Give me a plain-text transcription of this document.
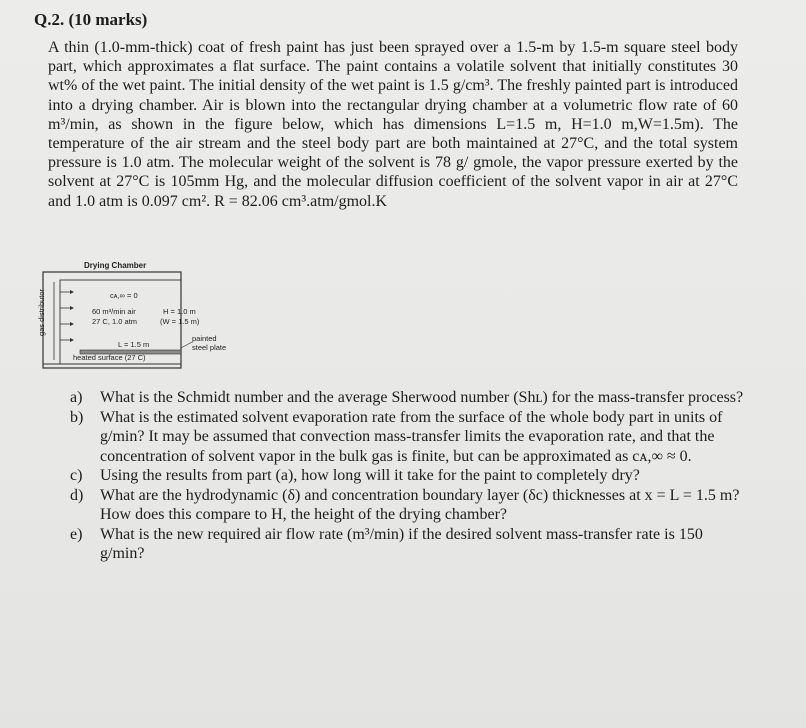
Q.2. (10 marks)
A thin (1.0-mm-thick) coat of fresh paint has just been sprayed over a 1.5-m by 1.5-m square steel body part, which approximates a flat surface. The paint contains a volatile solvent that initially constitutes 30 wt% of the wet paint. The initial density of the wet paint is 1.5 g/cm³. The freshly painted part is introduced into a drying chamber. Air is blown into the rectangular drying chamber at a volumetric flow rate of 60 m³/min, as shown in the figure below, which has dimensions L=1.5 m, H=1.0 m,W=1.5m). The temperature of the air stream and the steel body part are both maintained at 27°C, and the total system pressure is 1.0 atm. The molecular weight of the solvent is 78 g/ gmole, the vapor pressure exerted by the solvent at 27°C is 105mm Hg, and the molecular diffusion coefficient of the solvent vapor in air at 27°C and 1.0 atm is 0.097 cm². R = 82.06 cm³.atm/gmol.K
Drying Chamber
gas distributor	cᴀ,∞ = 0
60 m³/min air
27 C, 1.0 atm
H = 1.0 m
(W = 1.5 m)
L = 1.5 m
painted
steel plate
heated surface (27 C)
a) What is the Schmidt number and the average Sherwood number (Shʟ) for the mass-transfer process?
b) What is the estimated solvent evaporation rate from the surface of the whole body part in units of g/min? It may be assumed that convection mass-transfer limits the evaporation rate, and that the concentration of solvent vapor in the bulk gas is finite, but can be approximated as cᴀ,∞ ≈ 0.
c) Using the results from part (a), how long will it take for the paint to completely dry?
d) What are the hydrodynamic (δ) and concentration boundary layer (δc) thicknesses at x = L = 1.5 m? How does this compare to H, the height of the drying chamber?
e) What is the new required air flow rate (m³/min) if the desired solvent mass-transfer rate is 150 g/min?
